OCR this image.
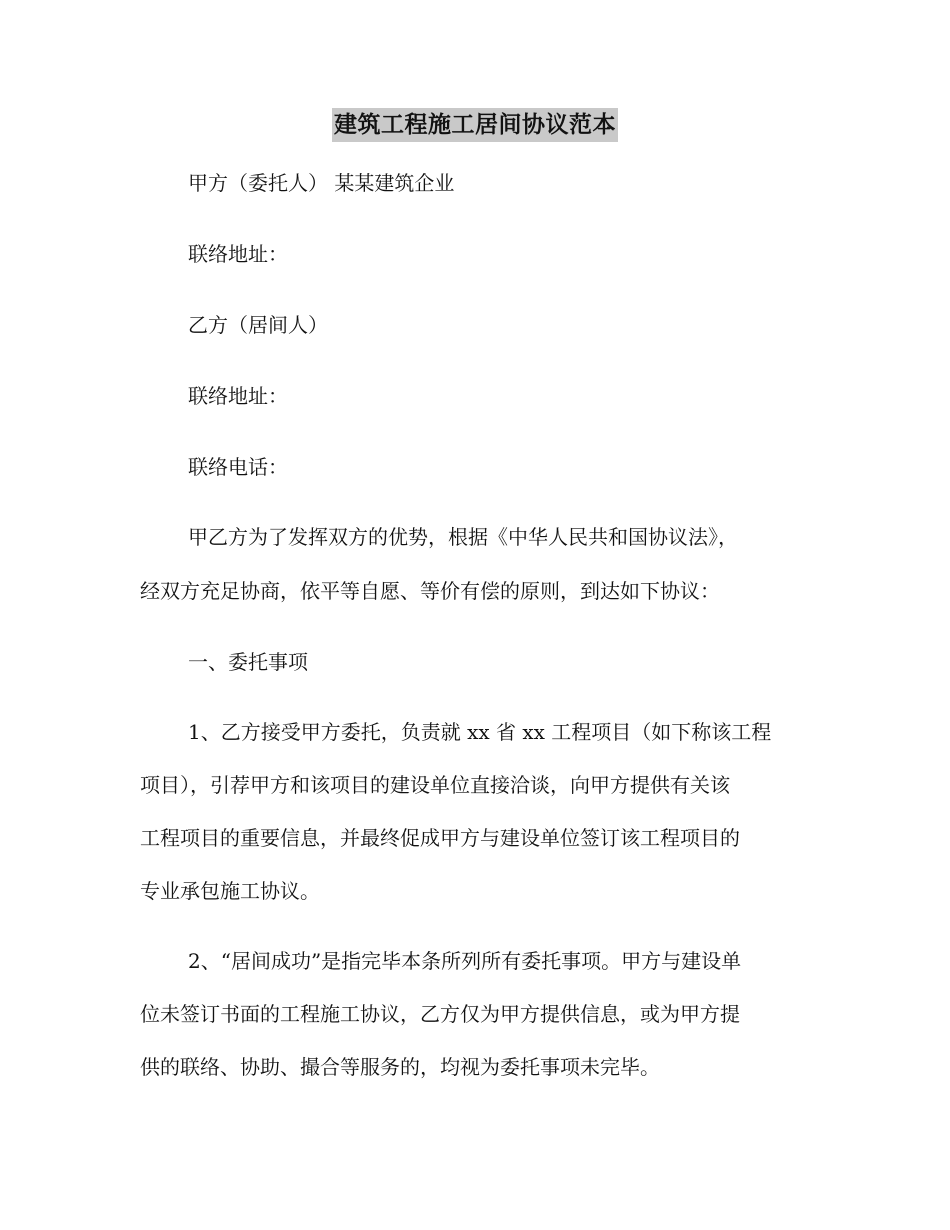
建筑工程施工居间协议范本
甲方（委托人） 某某建筑企业
联络地址：
乙方（居间人）
联络地址：
联络电话：
甲乙方为了发挥双方的优势，根据《中华人民共和国协议法》，
经双方充足协商，依平等自愿、等价有偿的原则，到达如下协议：
一、委托事项
1、乙方接受甲方委托，负责就 xx 省 xx 工程项目（如下称该工程
项目），引荐甲方和该项目的建设单位直接洽谈，向甲方提供有关该
工程项目的重要信息，并最终促成甲方与建设单位签订该工程项目的
专业承包施工协议。
2、“居间成功”是指完毕本条所列所有委托事项。甲方与建设单
位未签订书面的工程施工协议，乙方仅为甲方提供信息，或为甲方提
供的联络、协助、撮合等服务的，均视为委托事项未完毕。
